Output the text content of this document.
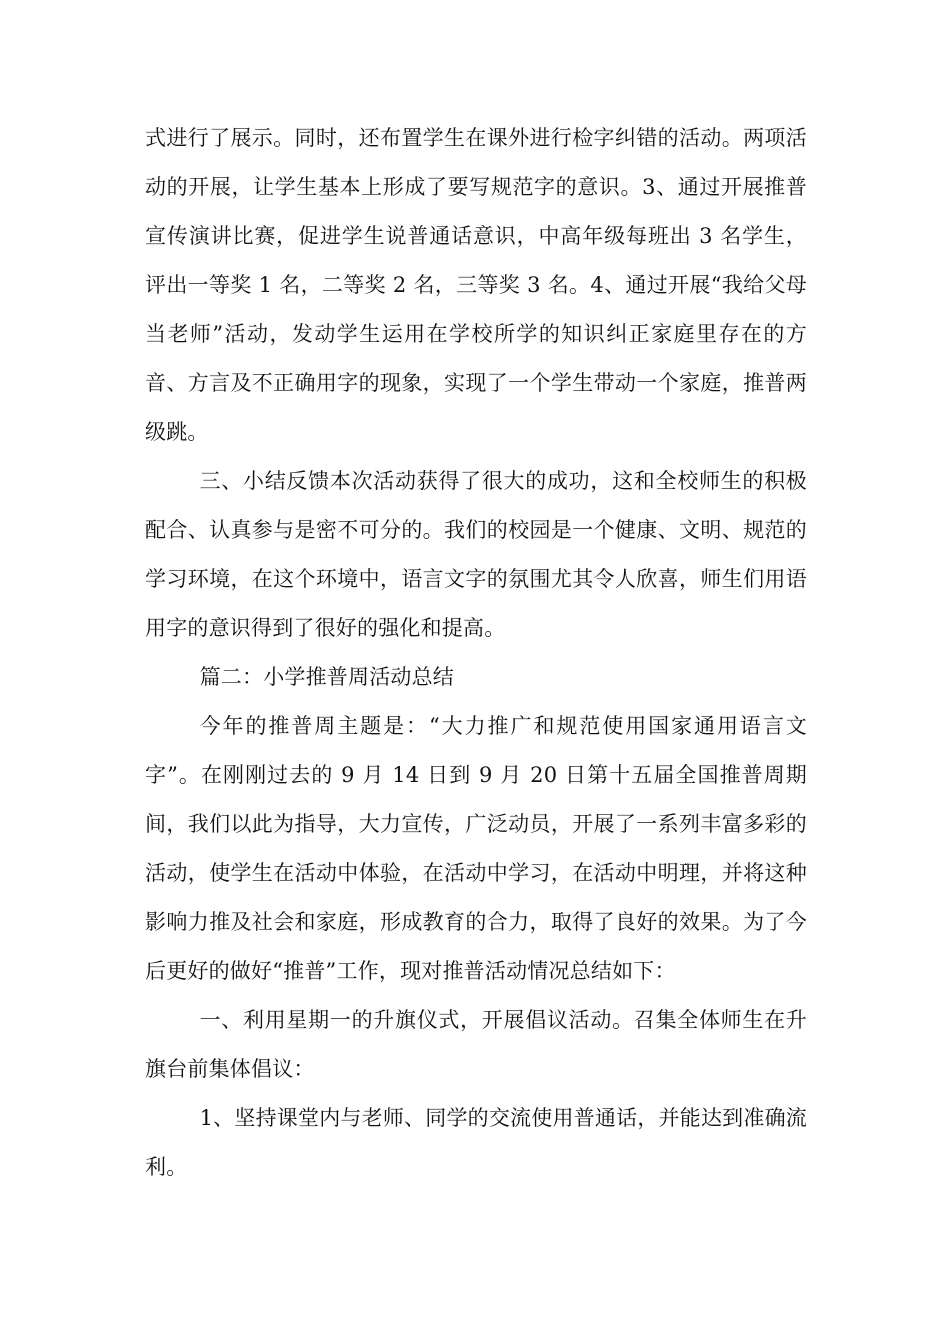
式进行了展示。同时，还布置学生在课外进行检字纠错的活动。两项活动的开展，让学生基本上形成了要写规范字的意识。3、通过开展推普宣传演讲比赛，促进学生说普通话意识，中高年级每班出 3 名学生，评出一等奖 1 名，二等奖 2 名，三等奖 3 名。4、通过开展“我给父母当老师”活动，发动学生运用在学校所学的知识纠正家庭里存在的方音、方言及不正确用字的现象，实现了一个学生带动一个家庭，推普两级跳。

三、小结反馈本次活动获得了很大的成功，这和全校师生的积极配合、认真参与是密不可分的。我们的校园是一个健康、文明、规范的学习环境，在这个环境中，语言文字的氛围尤其令人欣喜，师生们用语用字的意识得到了很好的强化和提高。

篇二：小学推普周活动总结

今年的推普周主题是：“大力推广和规范使用国家通用语言文字”。在刚刚过去的 9 月 14 日到 9 月 20 日第十五届全国推普周期间，我们以此为指导，大力宣传，广泛动员，开展了一系列丰富多彩的活动，使学生在活动中体验，在活动中学习，在活动中明理，并将这种影响力推及社会和家庭，形成教育的合力，取得了良好的效果。为了今后更好的做好“推普”工作，现对推普活动情况总结如下：

一、利用星期一的升旗仪式，开展倡议活动。召集全体师生在升旗台前集体倡议：

1、坚持课堂内与老师、同学的交流使用普通话，并能达到准确流利。
